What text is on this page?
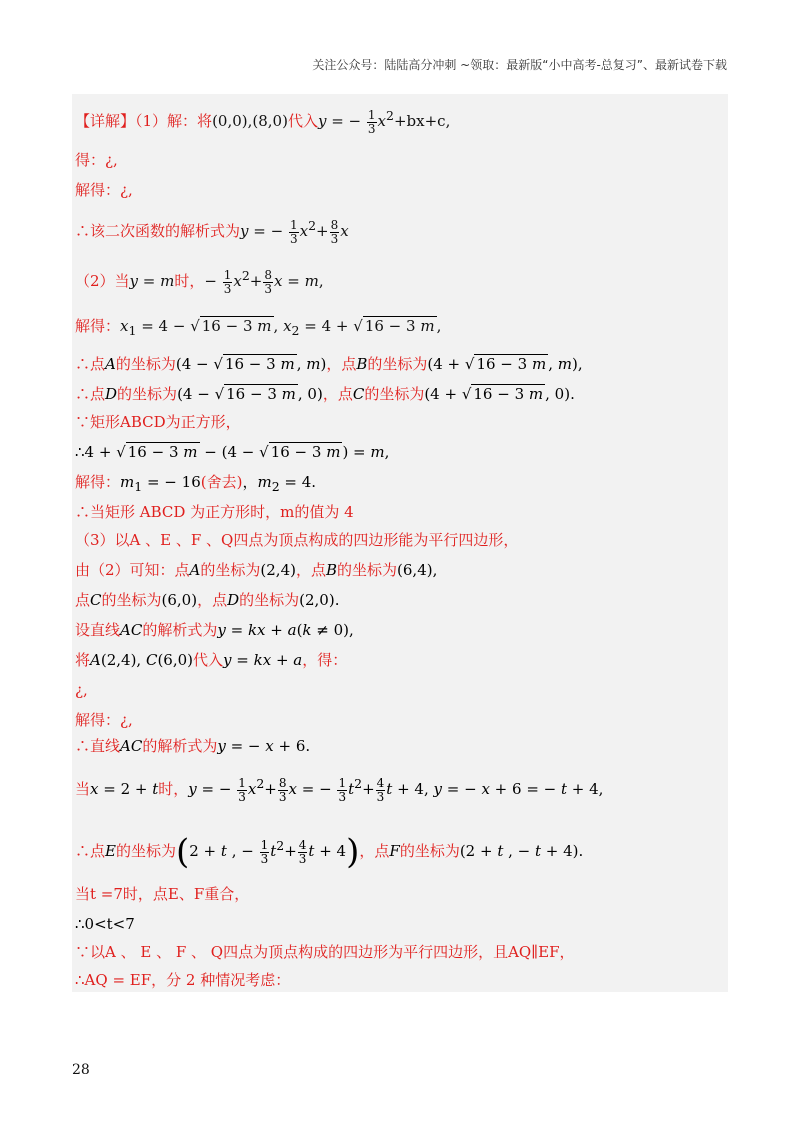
关注公众号：陆陆高分冲刺 ~领取：最新版“小中高考-总复习”、最新试卷下载
【详解】（1）解：将(0,0),(8,0)代入y = − $\frac{1}{3} x^2+bx+c$,
得：¿,
解得：¿,
∴该二次函数的解析式为y = − $\frac{1}{3} x^2+ \frac{8}{3}$ x
（2）当y = m时，− $\frac{1}{3} x^2+ \frac{8}{3}$ x = m,
解得：$x_1 = 4$ − √ 16 − 3 m , $x_2 = 4$ + √ 16 − 3 m ,
∴点A的坐标为(4 − √ 16 − 3 m , m)，点B的坐标为(4 + √ 16 − 3 m , m),
∴点D的坐标为(4 − √ 16 − 3 m , 0)，点C的坐标为(4 + √ 16 − 3 m , 0).
∵矩形ABCD为正方形，
∴4 + √ 16 − 3 m − (4 − √ 16 − 3 m ) = m,
解得：$m_1$ = − 16(舍去)，$m_2 = 4$.
∴当矩形 ABCD 为正方形时，m的值为 4
（3）以A 、E 、F 、Q四点为顶点构成的四边形能为平行四边形，
由（2）可知：点A的坐标为(2,4)，点B的坐标为(6,4),
点C的坐标为(6,0)，点D的坐标为(2,0).
设直线AC的解析式为y = kx + a(k ≠ 0),
将A(2,4), C(6,0)代入y = kx + a，得：
¿,
解得：¿,
∴直线AC的解析式为y = − x + 6.
当x = 2 + t时，y = − $\frac{1}{3} x^2+ \frac{8}{3}$ x = − $\frac{1}{3} t^2+ \frac{4}{3}$ t + 4, y = − x + 6 = − t + 4,
∴点E的坐标为(2 + t , − $\frac{1}{3} t^2+ \frac{4}{3}$ t + 4)，点F的坐标为(2 + t , − t + 4).
当t =7时，点E、F重合，
∴0<t<7
∵以A 、 E 、 F 、 Q四点为顶点构成的四边形为平行四边形，且AQ∥EF，
∴AQ = EF，分 2 种情况考虑：
28
